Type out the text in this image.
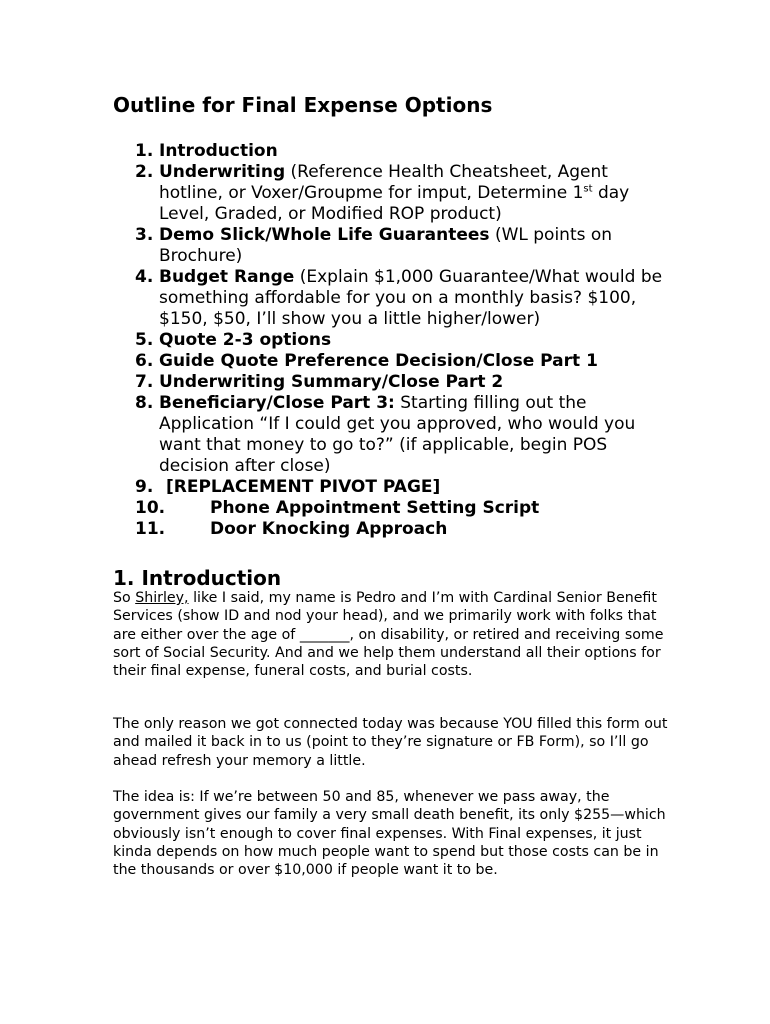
Outline for Final Expense Options
1. Introduction
2. Underwriting (Reference Health Cheatsheet, Agent hotline, or Voxer/Groupme for imput, Determine 1st day Level, Graded, or Modified ROP product)
3. Demo Slick/Whole Life Guarantees (WL points on Brochure)
4. Budget Range (Explain $1,000 Guarantee/What would be something affordable for you on a monthly basis? $100, $150, $50, I’ll show you a little higher/lower)
5. Quote 2-3 options
6. Guide Quote Preference Decision/Close Part 1
7. Underwriting Summary/Close Part 2
8. Beneficiary/Close Part 3: Starting filling out the Application “If I could get you approved, who would you want that money to go to?” (if applicable, begin POS decision after close)
9. [REPLACEMENT PIVOT PAGE]
10.	Phone Appointment Setting Script
11.	Door Knocking Approach
1. Introduction

So Shirley, like I said, my name is Pedro and I’m with Cardinal Senior Benefit Services (show ID and nod your head), and we primarily work with folks that are either over the age of _______, on disability, or retired and receiving some sort of Social Security. And and we help them understand all their options for their final expense, funeral costs, and burial costs.

The only reason we got connected today was because YOU filled this form out and mailed it back in to us (point to they’re signature or FB Form), so I’ll go ahead refresh your memory a little.

The idea is: If we’re between 50 and 85, whenever we pass away, the government gives our family a very small death benefit, its only $255—which obviously isn’t enough to cover final expenses. With Final expenses, it just kinda depends on how much people want to spend but those costs can be in the thousands or over $10,000 if people want it to be.
